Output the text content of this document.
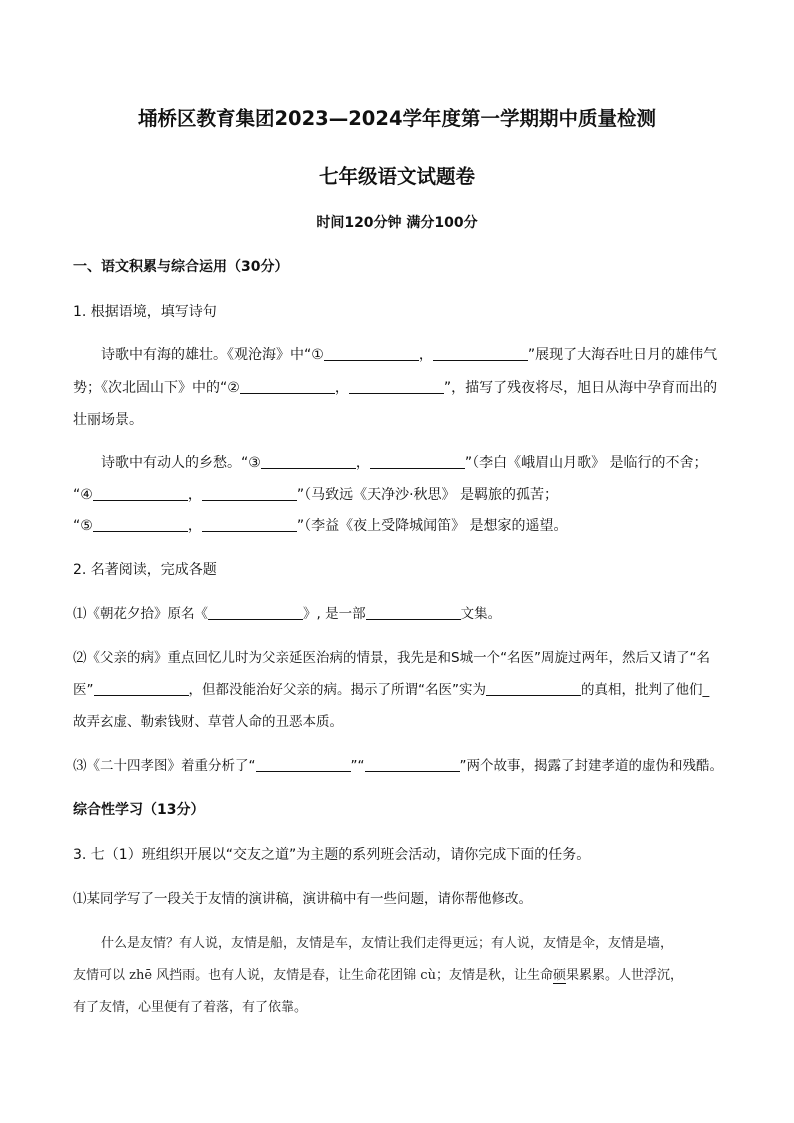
埇桥区教育集团2023—2024学年度第一学期期中质量检测
七年级语文试题卷
时间120分钟 满分100分
一、语文积累与综合运用（30分）
1. 根据语境，填写诗句
诗歌中有海的雄壮。《观沧海》中“①	，	”展现了大海吞吐日月的雄伟气
势；《次北固山下》中的“②	，	”，描写了残夜将尽，旭日从海中孕育而出的
壮丽场景。
诗歌中有动人的乡愁。“③	，	”（李白《峨眉山月歌》 是临行的不舍；
“④	，	”（马致远《天净沙·秋思》 是羁旅的孤苦；
“⑤	，	”（李益《夜上受降城闻笛》 是想家的遥望。
2. 名著阅读，完成各题
⑴《朝花夕拾》原名《	》, 是一部	文集。
⑵《父亲的病》重点回忆儿时为父亲延医治病的情景，我先是和S城一个“名医”周旋过两年，然后又请了“名
医”	，但都没能治好父亲的病。揭示了所谓“名医”实为	的真相，批判了他们_
故弄玄虚、勒索钱财、草菅人命的丑恶本质。
⑶《二十四孝图》着重分析了“	”“	”两个故事，揭露了封建孝道的虚伪和残酷。
综合性学习（13分）
3. 七（1）班组织开展以“交友之道”为主题的系列班会活动，请你完成下面的任务。
⑴某同学写了一段关于友情的演讲稿，演讲稿中有一些问题，请你帮他修改。
什么是友情？有人说，友情是船，友情是车，友情让我们走得更远；有人说，友情是伞，友情是墙，
友情可以 zhē 风挡雨。也有人说，友情是春，让生命花团锦 cù；友情是秋，让生命硕果累累。人世浮沉，
有了友情，心里便有了着落，有了依靠。
